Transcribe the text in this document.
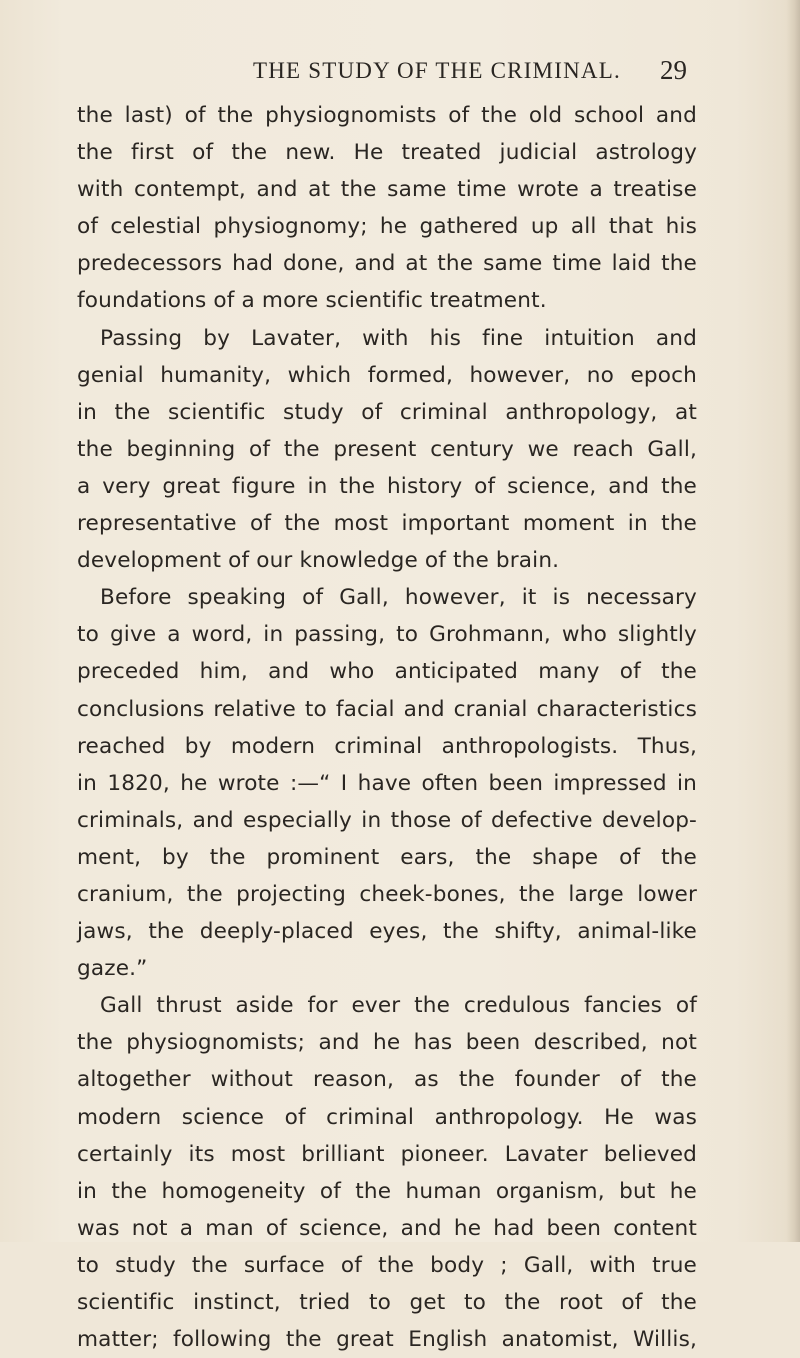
THE STUDY OF THE CRIMINAL. 29
the last) of the physiognomists of the old school and
the first of the new. He treated judicial astrology
with contempt, and at the same time wrote a treatise
of celestial physiognomy; he gathered up all that his
predecessors had done, and at the same time laid the
foundations of a more scientific treatment.
Passing by Lavater, with his fine intuition and
genial humanity, which formed, however, no epoch
in the scientific study of criminal anthropology, at
the beginning of the present century we reach Gall,
a very great figure in the history of science, and the
representative of the most important moment in the
development of our knowledge of the brain.
Before speaking of Gall, however, it is necessary
to give a word, in passing, to Grohmann, who slightly
preceded him, and who anticipated many of the
conclusions relative to facial and cranial characteristics
reached by modern criminal anthropologists. Thus,
in 1820, he wrote :—“ I have often been impressed in
criminals, and especially in those of defective develop-
ment, by the prominent ears, the shape of the
cranium, the projecting cheek-bones, the large lower
jaws, the deeply-placed eyes, the shifty, animal-like
gaze.”
Gall thrust aside for ever the credulous fancies of
the physiognomists; and he has been described, not
altogether without reason, as the founder of the
modern science of criminal anthropology. He was
certainly its most brilliant pioneer. Lavater believed
in the homogeneity of the human organism, but he
was not a man of science, and he had been content
to study the surface of the body ; Gall, with true
scientific instinct, tried to get to the root of the
matter; following the great English anatomist, Willis,
